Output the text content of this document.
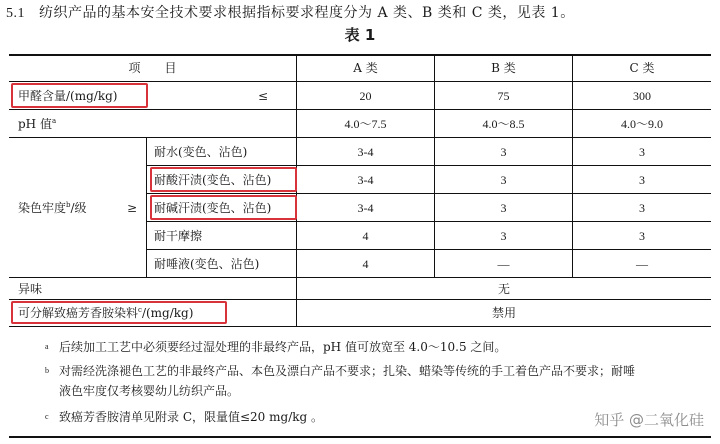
5.1 纺织产品的基本安全技术要求根据指标要求程度分为 A 类、B 类和 C 类，见表 1。
表 1
项　　目	A 类	B 类	C 类
甲醛含量/(mg/kg)	≤	20	75	300
pH 值$^a$	4.0～7.5	4.0～8.5	4.0～9.0
染色牢度$^b$/级	≥
耐水(变色、沾色)	3-4	3	3
耐酸汗渍(变色、沾色)	3-4	3	3
耐碱汗渍(变色、沾色)	3-4	3	3
耐干摩擦	4	3	3
耐唾液(变色、沾色)	4	—	—
异味	无
可分解致癌芳香胺染料$^c$/(mg/kg)	禁用
a 后续加工工艺中必须要经过湿处理的非最终产品，pH 值可放宽至 4.0～10.5 之间。
b 对需经洗涤褪色工艺的非最终产品、本色及漂白产品不要求；扎染、蜡染等传统的手工着色产品不要求；耐唾
液色牢度仅考核婴幼儿纺织产品。
c 致癌芳香胺清单见附录 C，限量值≤20 mg/kg 。	知乎 @二氧化硅
